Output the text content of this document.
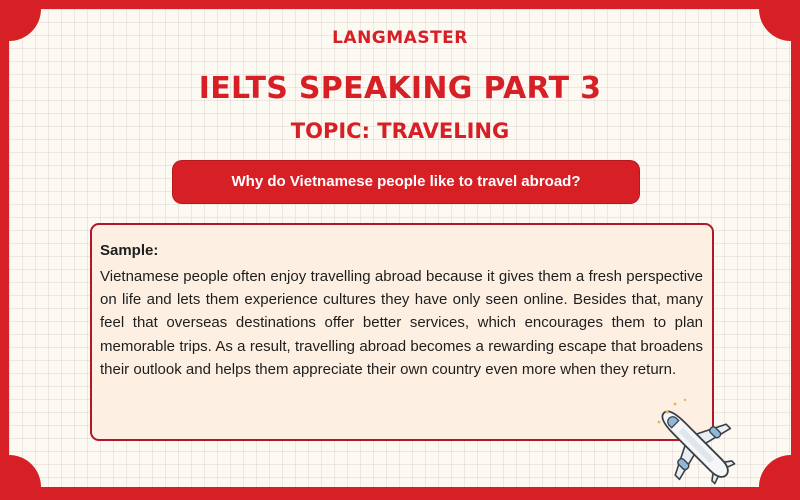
LANGMASTER
IELTS SPEAKING PART 3
TOPIC: TRAVELING
Why do Vietnamese people like to travel abroad?
Sample:

Vietnamese people often enjoy travelling abroad because it gives them a fresh perspective on life and lets them experience cultures they have only seen online. Besides that, many feel that overseas destinations offer better services, which encourages them to plan memorable trips. As a result, travelling abroad becomes a rewarding escape that broadens their outlook and helps them appreciate their own country even more when they return.
